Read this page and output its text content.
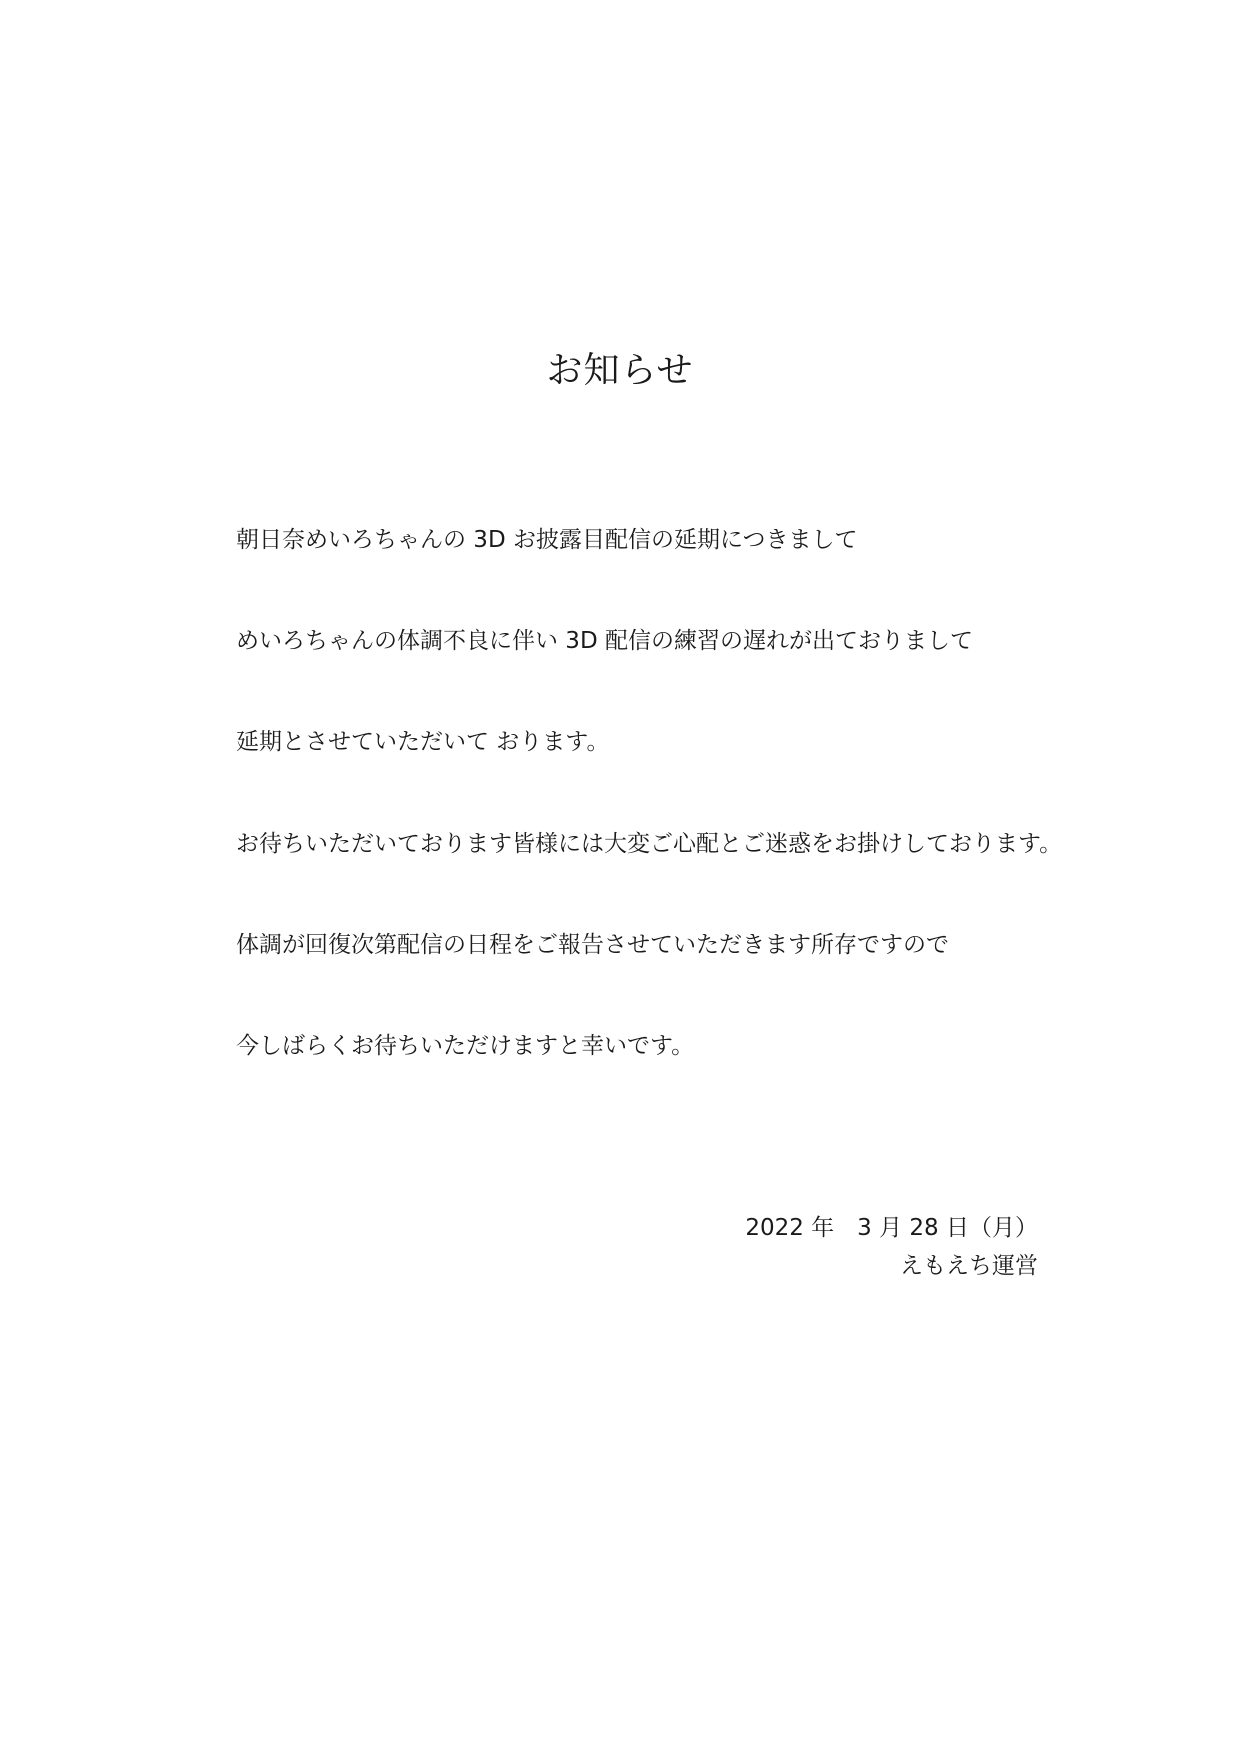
お知らせ
朝日奈めいろちゃんの 3D お披露目配信の延期につきまして
めいろちゃんの体調不良に伴い 3D 配信の練習の遅れが出ておりまして
延期とさせていただいて おります。
お待ちいただいております皆様には大変ご心配とご迷惑をお掛けしております。
体調が回復次第配信の日程をご報告させていただきます所存ですので
今しばらくお待ちいただけますと幸いです。
2022 年　3 月 28 日（月）
えもえち運営
